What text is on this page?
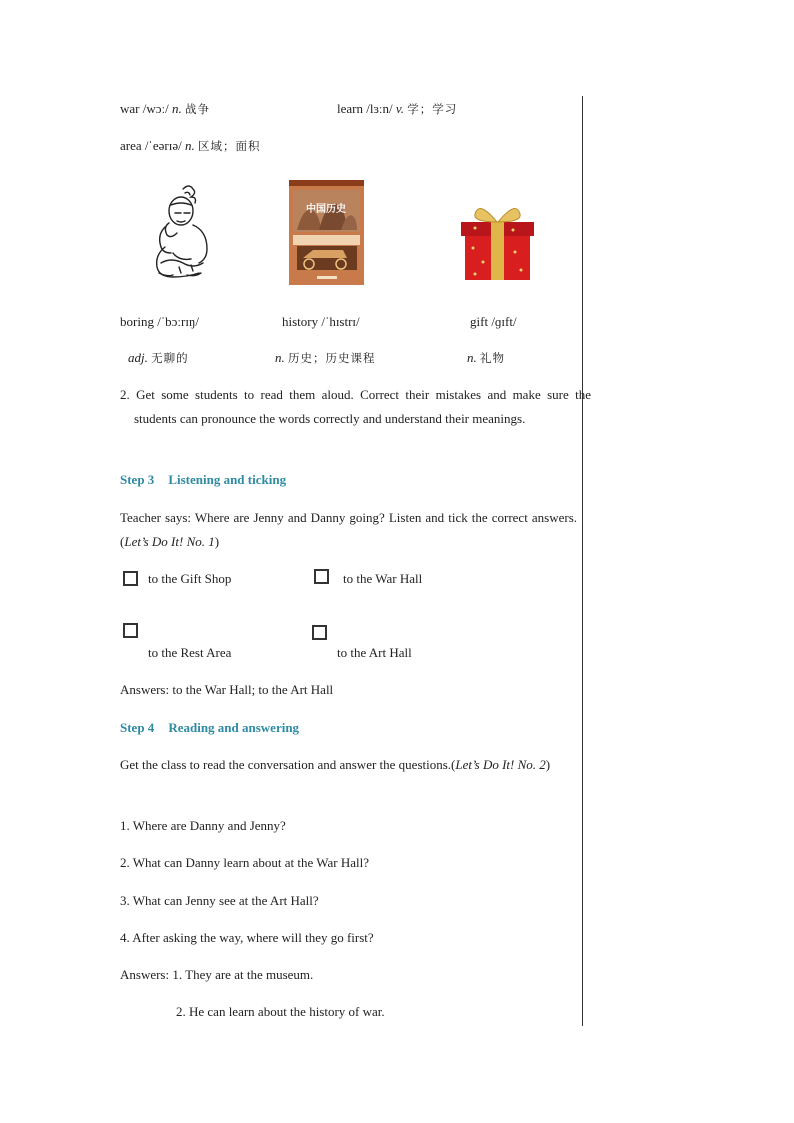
war /wɔː/ n. 战争	learn /lɜːn/ v. 学；学习
area /ˈeərɪə/ n. 区域；面积
中国历史
boring /ˈbɔːrɪŋ/	history /ˈhɪstrɪ/	gift /ɡɪft/
adj. 无聊的	n. 历史；历史课程	n. 礼物
2. Get some students to read them aloud. Correct their mistakes and make sure the students can pronounce the words correctly and understand their meanings.
Step 3 Listening and ticking
Teacher says: Where are Jenny and Danny going? Listen and tick the correct answers.(Let’s Do It! No. 1)
to the Gift Shop	to the War Hall
to the Rest Area	to the Art Hall
Answers: to the War Hall; to the Art Hall
Step 4 Reading and answering
Get the class to read the conversation and answer the questions.(Let’s Do It! No. 2)
1. Where are Danny and Jenny?
2. What can Danny learn about at the War Hall?
3. What can Jenny see at the Art Hall?
4. After asking the way, where will they go first?
Answers: 1. They are at the museum.
2. He can learn about the history of war.
